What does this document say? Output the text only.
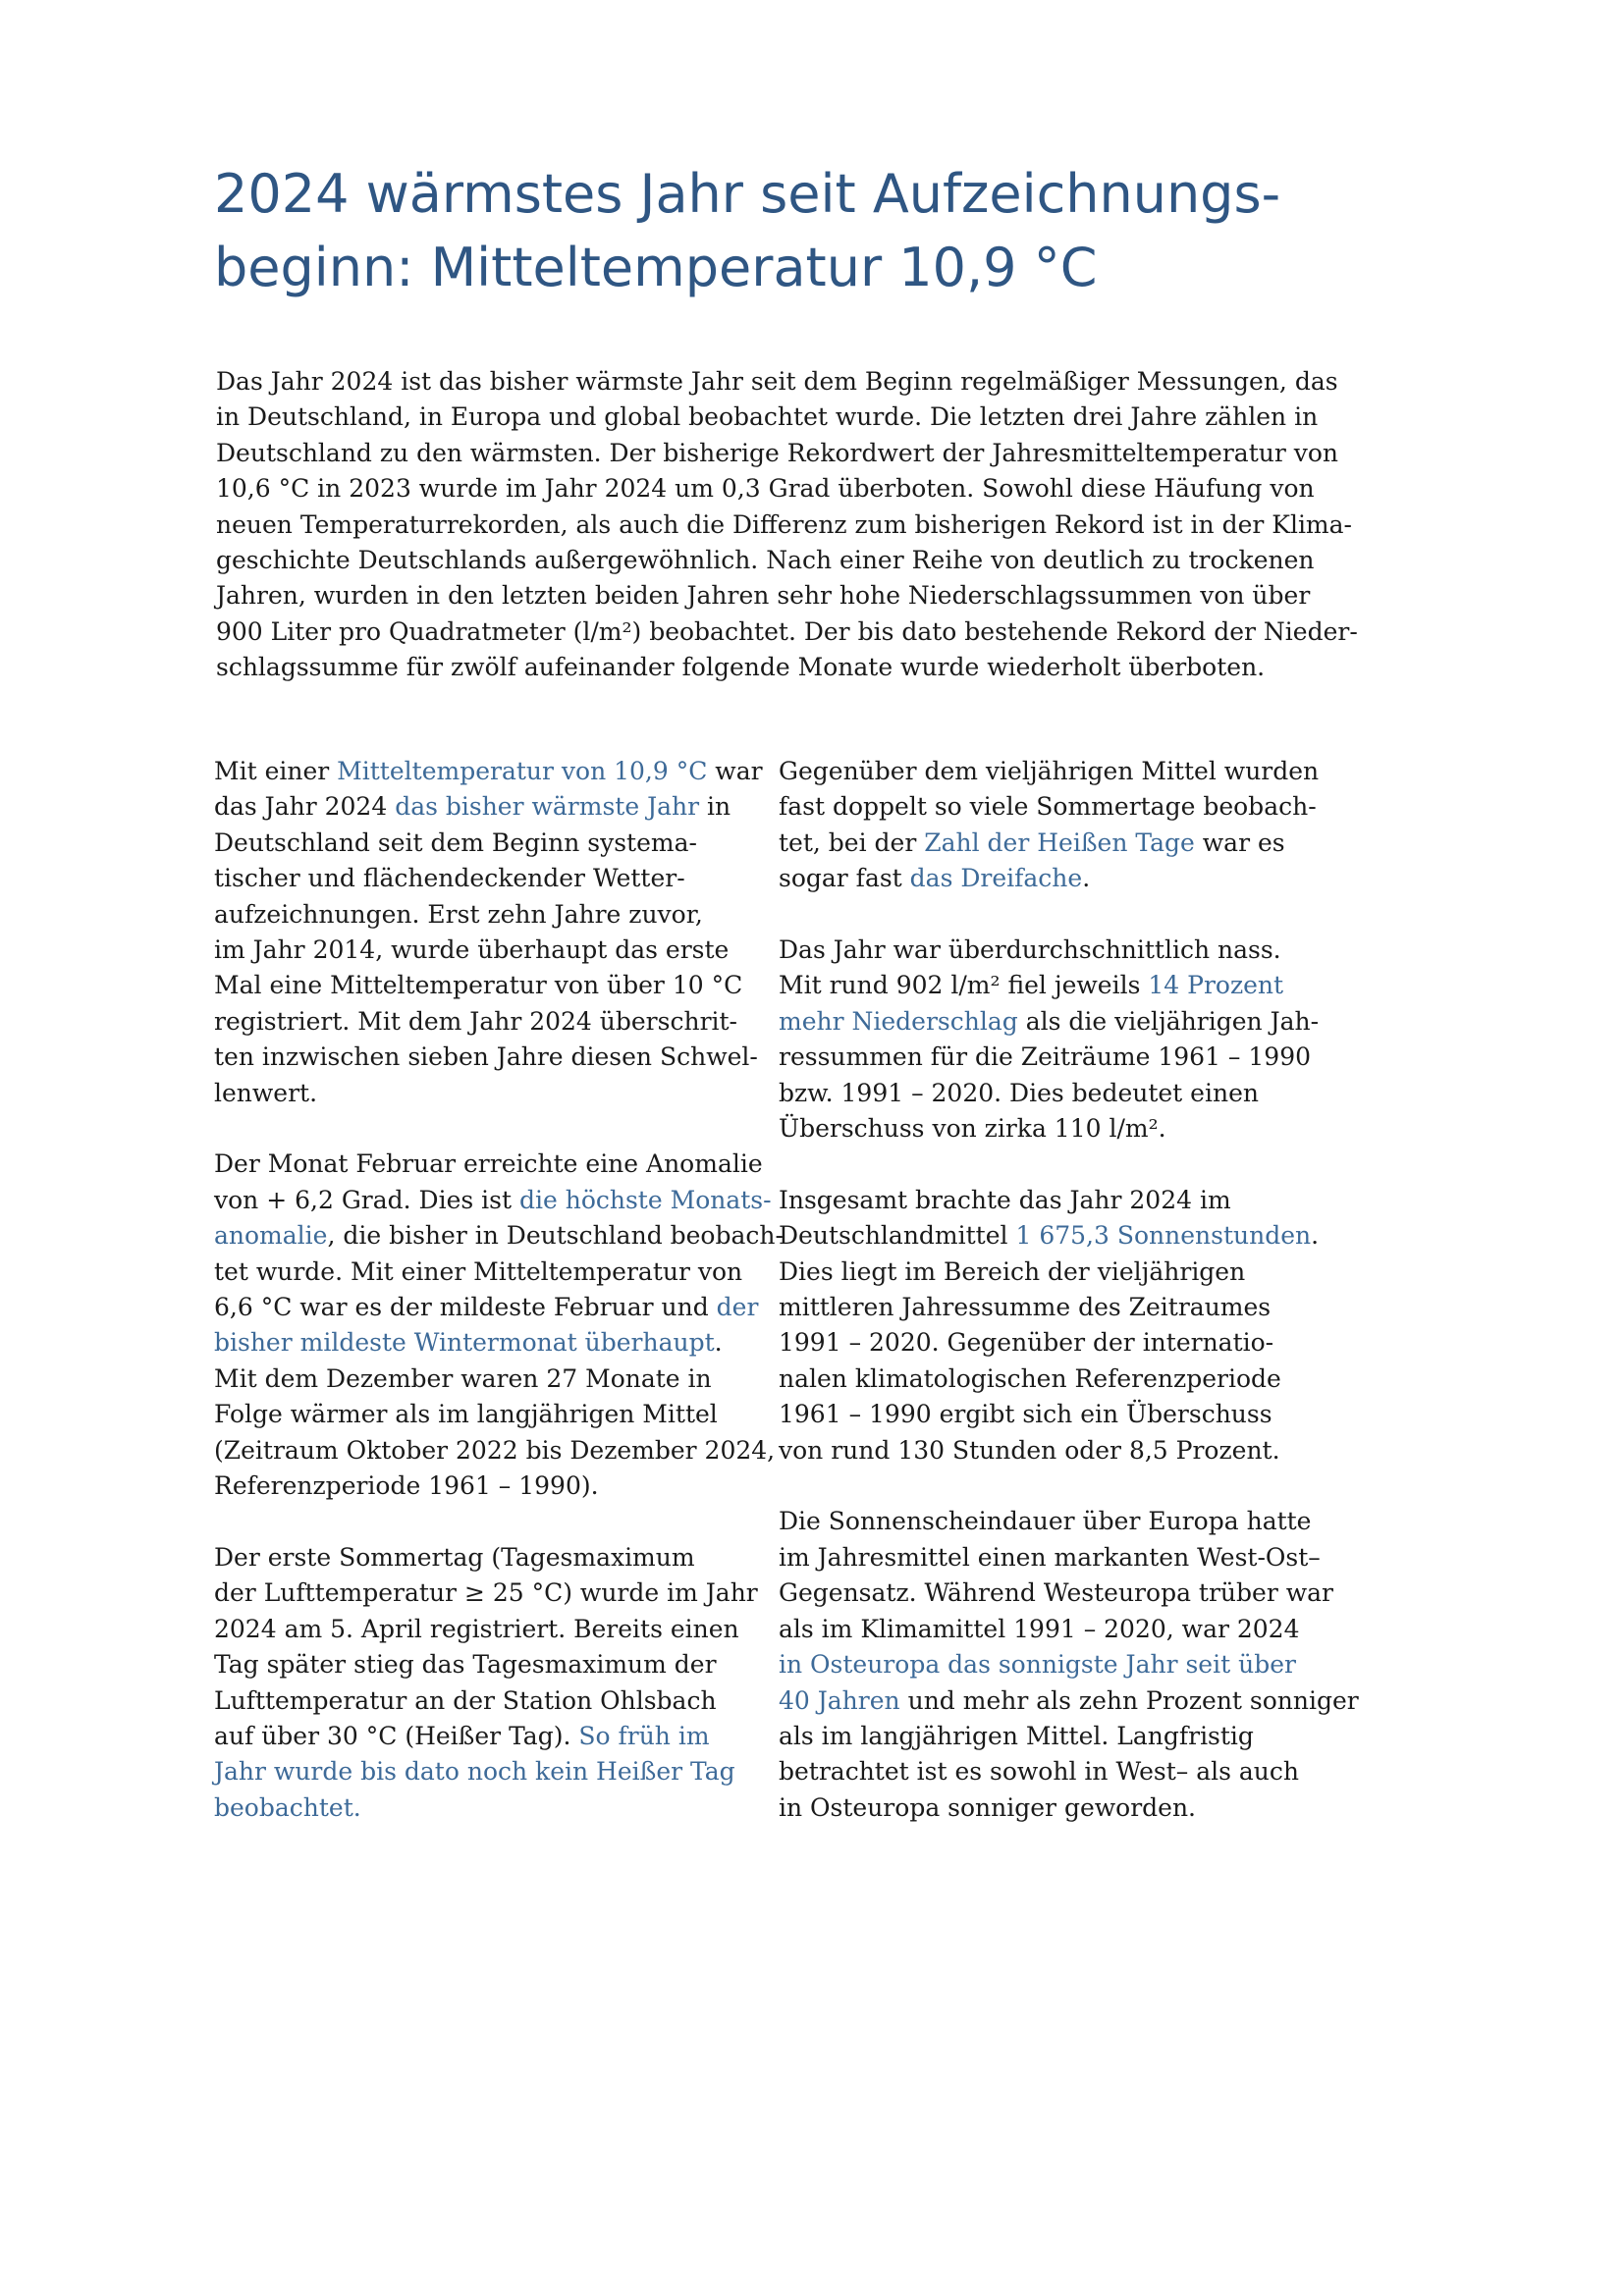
2024 wärmstes Jahr seit Aufzeichnungs-
beginn: Mitteltemperatur 10,9 °C
Das Jahr 2024 ist das bisher wärmste Jahr seit dem Beginn regelmäßiger Messungen, das
in Deutschland, in Europa und global beobachtet wurde. Die letzten drei Jahre zählen in
Deutschland zu den wärmsten. Der bisherige Rekordwert der Jahresmitteltemperatur von
10,6 °C in 2023 wurde im Jahr 2024 um 0,3 Grad überboten. Sowohl diese Häufung von
neuen Temperaturrekorden, als auch die Differenz zum bisherigen Rekord ist in der Klima-
geschichte Deutschlands außergewöhnlich. Nach einer Reihe von deutlich zu trockenen
Jahren, wurden in den letzten beiden Jahren sehr hohe Niederschlagssummen von über
900 Liter pro Quadratmeter (l/m²) beobachtet. Der bis dato bestehende Rekord der Nieder-
schlagssumme für zwölf aufeinander folgende Monate wurde wiederholt überboten.
Mit einer Mitteltemperatur von 10,9 °C war
das Jahr 2024 das bisher wärmste Jahr in
Deutschland seit dem Beginn systema-
tischer und flächendeckender Wetter-
aufzeichnungen. Erst zehn Jahre zuvor,
im Jahr 2014, wurde überhaupt das erste
Mal eine Mitteltemperatur von über 10 °C
registriert. Mit dem Jahr 2024 überschrit-
ten inzwischen sieben Jahre diesen Schwel-
lenwert.
Der Monat Februar erreichte eine Anomalie
von + 6,2 Grad. Dies ist die höchste Monats-
anomalie, die bisher in Deutschland beobach-
tet wurde. Mit einer Mitteltemperatur von
6,6 °C war es der mildeste Februar und der
bisher mildeste Wintermonat überhaupt.
Mit dem Dezember waren 27 Monate in
Folge wärmer als im langjährigen Mittel
(Zeitraum Oktober 2022 bis Dezember 2024,
Referenzperiode 1961 – 1990).
Der erste Sommertag (Tagesmaximum
der Lufttemperatur ≥ 25 °C) wurde im Jahr
2024 am 5. April registriert. Bereits einen
Tag später stieg das Tagesmaximum der
Lufttemperatur an der Station Ohlsbach
auf über 30 °C (Heißer Tag). So früh im
Jahr wurde bis dato noch kein Heißer Tag
beobachtet.
Gegenüber dem vieljährigen Mittel wurden
fast doppelt so viele Sommertage beobach-
tet, bei der Zahl der Heißen Tage war es
sogar fast das Dreifache.
Das Jahr war überdurchschnittlich nass.
Mit rund 902 l/m² fiel jeweils 14 Prozent
mehr Niederschlag als die vieljährigen Jah-
ressummen für die Zeiträume 1961 – 1990
bzw. 1991 – 2020. Dies bedeutet einen
Überschuss von zirka 110 l/m².
Insgesamt brachte das Jahr 2024 im
Deutschlandmittel 1 675,3 Sonnenstunden.
Dies liegt im Bereich der vieljährigen
mittleren Jahressumme des Zeitraumes
1991 – 2020. Gegenüber der internatio-
nalen klimatologischen Referenzperiode
1961 – 1990 ergibt sich ein Überschuss
von rund 130 Stunden oder 8,5 Prozent.
Die Sonnenscheindauer über Europa hatte
im Jahresmittel einen markanten West-Ost–
Gegensatz. Während Westeuropa trüber war
als im Klimamittel 1991 – 2020, war 2024
in Osteuropa das sonnigste Jahr seit über
40 Jahren und mehr als zehn Prozent sonniger
als im langjährigen Mittel. Langfristig
betrachtet ist es sowohl in West– als auch
in Osteuropa sonniger geworden.
